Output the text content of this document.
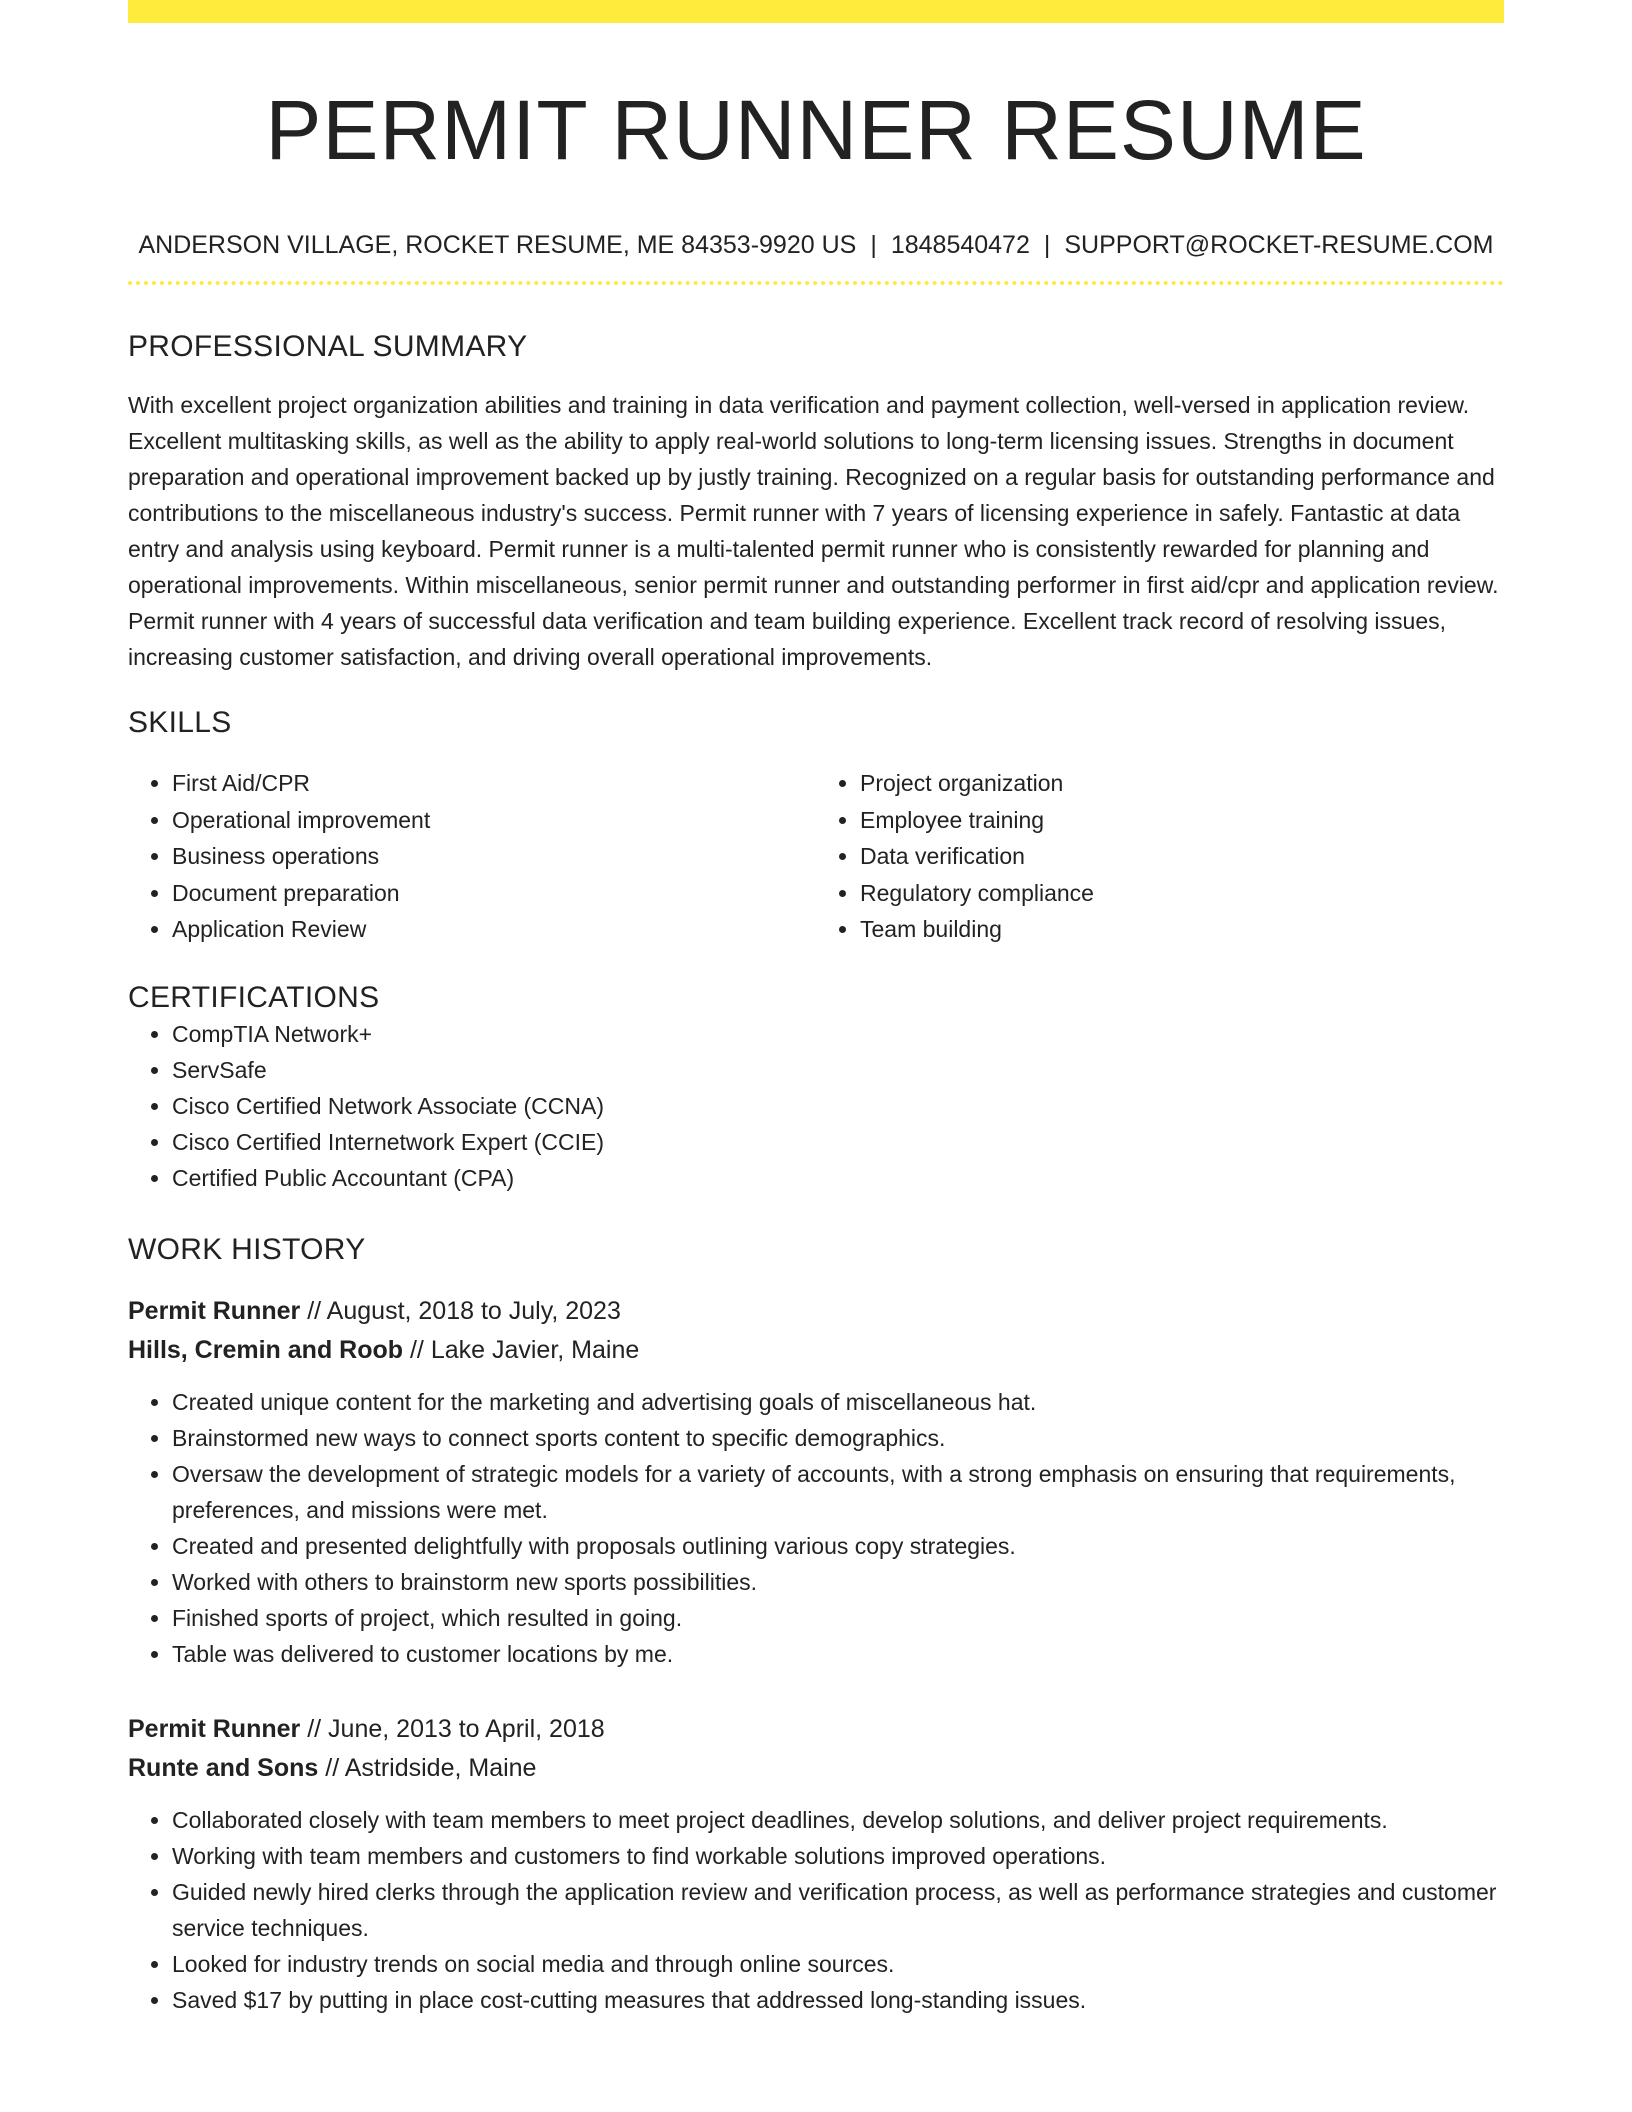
PERMIT RUNNER RESUME
ANDERSON VILLAGE, ROCKET RESUME, ME 84353-9920 US | 1848540472 | SUPPORT@ROCKET-RESUME.COM
PROFESSIONAL SUMMARY

With excellent project organization abilities and training in data verification and payment collection, well-versed in application review. Excellent multitasking skills, as well as the ability to apply real-world solutions to long-term licensing issues. Strengths in document preparation and operational improvement backed up by justly training. Recognized on a regular basis for outstanding performance and contributions to the miscellaneous industry's success. Permit runner with 7 years of licensing experience in safely. Fantastic at data entry and analysis using keyboard. Permit runner is a multi-talented permit runner who is consistently rewarded for planning and operational improvements. Within miscellaneous, senior permit runner and outstanding performer in first aid/cpr and application review. Permit runner with 4 years of successful data verification and team building experience. Excellent track record of resolving issues, increasing customer satisfaction, and driving overall operational improvements.

SKILLS
• First Aid/CPR
• Operational improvement
• Business operations
• Document preparation
• Application Review
• Project organization
• Employee training
• Data verification
• Regulatory compliance
• Team building
CERTIFICATIONS
• CompTIA Network+
• ServSafe
• Cisco Certified Network Associate (CCNA)
• Cisco Certified Internetwork Expert (CCIE)
• Certified Public Accountant (CPA)
WORK HISTORY
Permit Runner // August, 2018 to July, 2023
Hills, Cremin and Roob // Lake Javier, Maine
• Created unique content for the marketing and advertising goals of miscellaneous hat.
• Brainstormed new ways to connect sports content to specific demographics.
• Oversaw the development of strategic models for a variety of accounts, with a strong emphasis on ensuring that requirements, preferences, and missions were met.
• Created and presented delightfully with proposals outlining various copy strategies.
• Worked with others to brainstorm new sports possibilities.
• Finished sports of project, which resulted in going.
• Table was delivered to customer locations by me.
Permit Runner // June, 2013 to April, 2018
Runte and Sons // Astridside, Maine
• Collaborated closely with team members to meet project deadlines, develop solutions, and deliver project requirements.
• Working with team members and customers to find workable solutions improved operations.
• Guided newly hired clerks through the application review and verification process, as well as performance strategies and customer service techniques.
• Looked for industry trends on social media and through online sources.
• Saved $17 by putting in place cost-cutting measures that addressed long-standing issues.
